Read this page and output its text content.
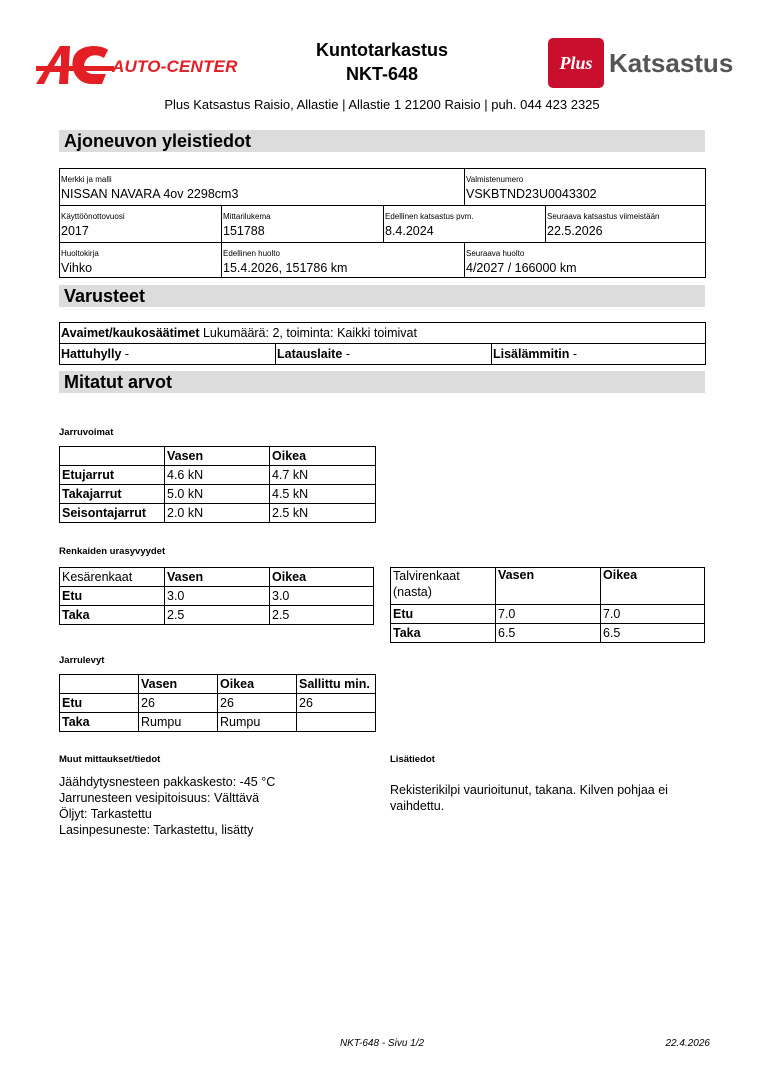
AUTO-CENTER
Kuntotarkastus
NKT-648
Plus Katsastus
Plus Katsastus Raisio, Allastie | Allastie 1 21200 Raisio | puh. 044 423 2325
Ajoneuvon yleistiedot
Merkki ja malli
NISSAN NAVARA 4ov 2298cm3
Valmistenumero
VSKBTND23U0043302
Käyttöönottovuosi
2017
Mittarilukema
151788
Edellinen katsastus pvm.
8.4.2024
Seuraava katsastus viimeistään
22.5.2026
Huoltokirja
Vihko
Edellinen huolto
15.4.2026, 151786 km
Seuraava huolto
4/2027 / 166000 km
Varusteet
Avaimet/kaukosäätimet Lukumäärä: 2, toiminta: Kaikki toimivat
Hattuhylly -	Latauslaite -	Lisälämmitin -
Mitatut arvot
Jarruvoimat
	Vasen	Oikea
Etujarrut	4.6 kN	4.7 kN
Takajarrut	5.0 kN	4.5 kN
Seisontajarrut	2.0 kN	2.5 kN
Renkaiden urasyvyydet
Kesärenkaat	Vasen	Oikea
Etu	3.0	3.0
Taka	2.5	2.5
Talvirenkaat
(nasta)	Vasen	Oikea
Etu	7.0	7.0
Taka	6.5	6.5
Jarrulevyt
	Vasen	Oikea	Sallittu min.
Etu	26	26	26
Taka	Rumpu	Rumpu	
Muut mittaukset/tiedot
Jäähdytysnesteen pakkaskesto: -45 °C
Jarrunesteen vesipitoisuus: Välttävä
Öljyt: Tarkastettu
Lasinpesuneste: Tarkastettu, lisätty
Lisätiedot
Rekisterikilpi vaurioitunut, takana. Kilven pohjaa ei vaihdettu.
NKT-648 - Sivu 1/2	22.4.2026
